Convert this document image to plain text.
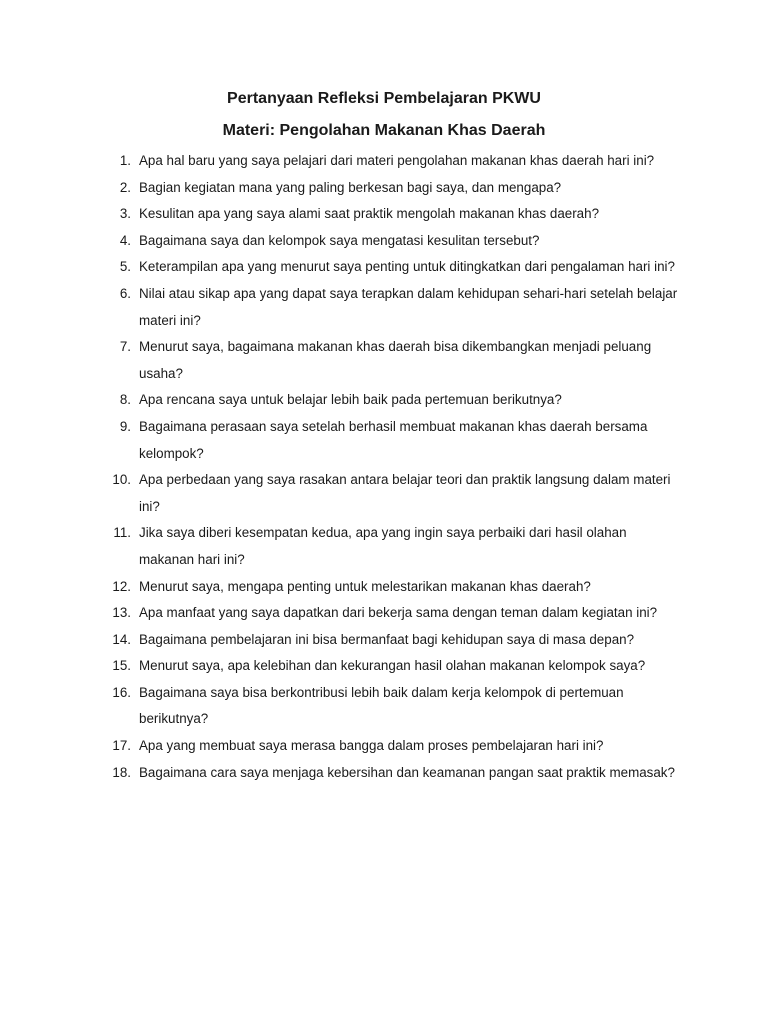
Pertanyaan Refleksi Pembelajaran PKWU
Materi: Pengolahan Makanan Khas Daerah
1. Apa hal baru yang saya pelajari dari materi pengolahan makanan khas daerah hari ini?
2. Bagian kegiatan mana yang paling berkesan bagi saya, dan mengapa?
3. Kesulitan apa yang saya alami saat praktik mengolah makanan khas daerah?
4. Bagaimana saya dan kelompok saya mengatasi kesulitan tersebut?
5. Keterampilan apa yang menurut saya penting untuk ditingkatkan dari pengalaman hari ini?
6. Nilai atau sikap apa yang dapat saya terapkan dalam kehidupan sehari-hari setelah belajar materi ini?
7. Menurut saya, bagaimana makanan khas daerah bisa dikembangkan menjadi peluang usaha?
8. Apa rencana saya untuk belajar lebih baik pada pertemuan berikutnya?
9. Bagaimana perasaan saya setelah berhasil membuat makanan khas daerah bersama kelompok?
10. Apa perbedaan yang saya rasakan antara belajar teori dan praktik langsung dalam materi ini?
11. Jika saya diberi kesempatan kedua, apa yang ingin saya perbaiki dari hasil olahan makanan hari ini?
12. Menurut saya, mengapa penting untuk melestarikan makanan khas daerah?
13. Apa manfaat yang saya dapatkan dari bekerja sama dengan teman dalam kegiatan ini?
14. Bagaimana pembelajaran ini bisa bermanfaat bagi kehidupan saya di masa depan?
15. Menurut saya, apa kelebihan dan kekurangan hasil olahan makanan kelompok saya?
16. Bagaimana saya bisa berkontribusi lebih baik dalam kerja kelompok di pertemuan berikutnya?
17. Apa yang membuat saya merasa bangga dalam proses pembelajaran hari ini?
18. Bagaimana cara saya menjaga kebersihan dan keamanan pangan saat praktik memasak?
